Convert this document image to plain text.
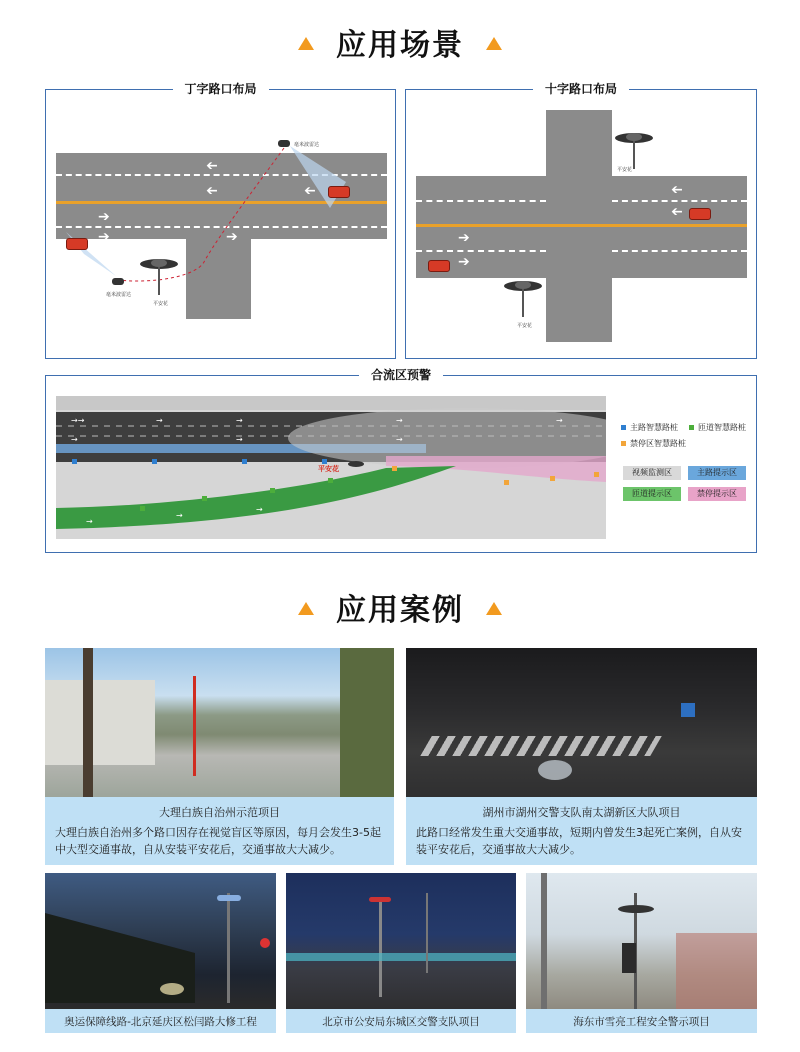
应用场景
丁字路口布局
➔
➔	➔
➔
➔	➔
毫米波雷达
毫米波雷达
平安花
十字路口布局
➔
➔
➔
➔
平安花
平安花
合流区预警
→→	→	→	→	→
→	→	→
→
→
→
平安花
主路智慧路桩	匝道智慧路桩
禁停区智慧路桩
视频监测区	主路提示区
匝道提示区	禁停提示区
应用案例
大理白族自治州示范项目
大理白族自治州多个路口因存在视觉盲区等原因，每月会发生3-5起中大型交通事故，自从安装平安花后，交通事故大大减少。
湖州市湖州交警支队南太湖新区大队项目
此路口经常发生重大交通事故，短期内曾发生3起死亡案例，自从安装平安花后，交通事故大大减少。
奥运保障线路-北京延庆区松闫路大修工程	北京市公安局东城区交警支队项目	海东市雪亮工程安全警示项目
